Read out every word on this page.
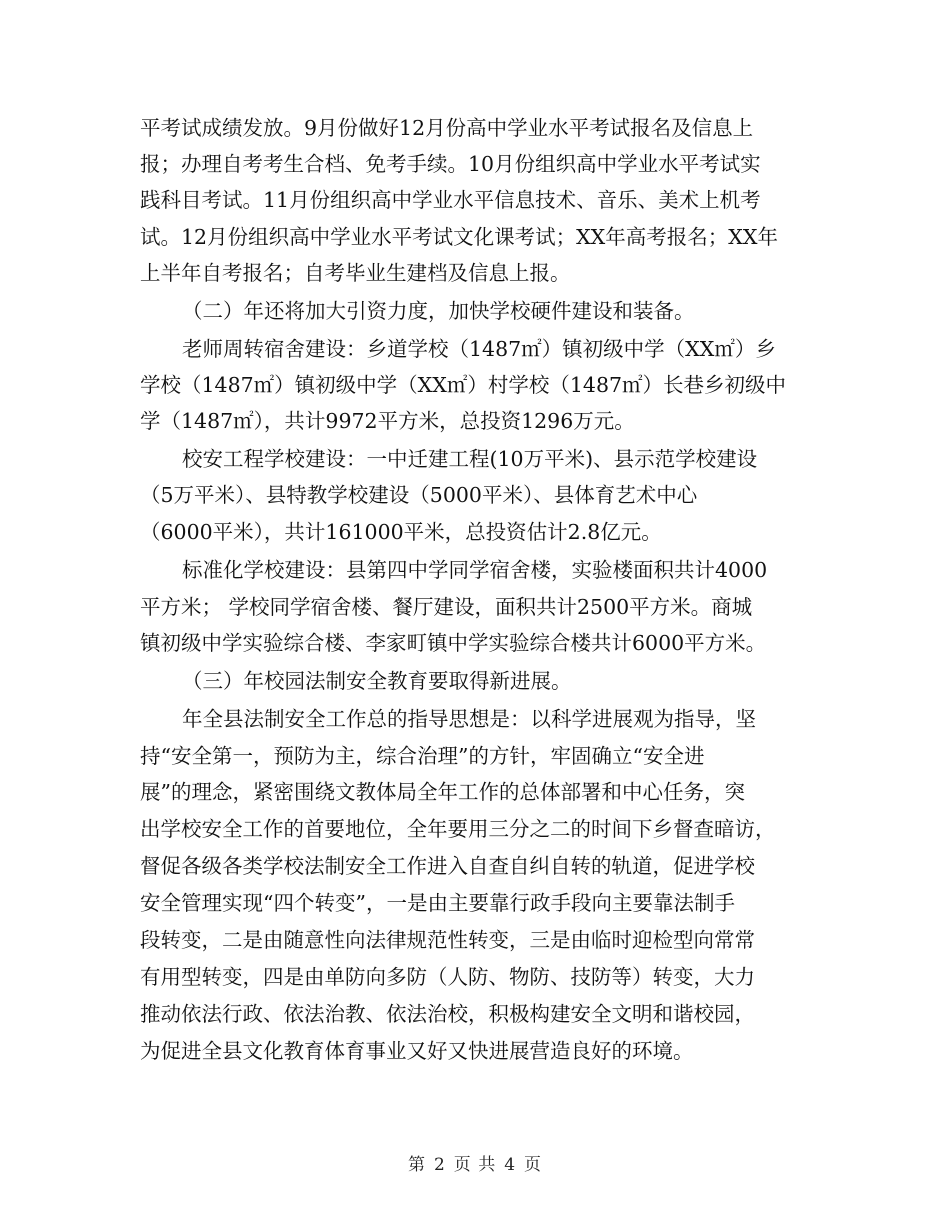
平考试成绩发放。9月份做好12月份高中学业水平考试报名及信息上
报；办理自考考生合档、免考手续。10月份组织高中学业水平考试实
践科目考试。11月份组织高中学业水平信息技术、音乐、美术上机考
试。12月份组织高中学业水平考试文化课考试；XX年高考报名；XX年
上半年自考报名；自考毕业生建档及信息上报。
（二）年还将加大引资力度，加快学校硬件建设和装备。
老师周转宿舍建设：乡道学校（1487㎡）镇初级中学（XX㎡）乡
学校（1487㎡）镇初级中学（XX㎡）村学校（1487㎡）长巷乡初级中
学（1487㎡），共计9972平方米，总投资1296万元。
校安工程学校建设：一中迁建工程(10万平米)、县示范学校建设
（5万平米）、县特教学校建设（5000平米）、县体育艺术中心
（6000平米），共计161000平米，总投资估计2.8亿元。
标准化学校建设：县第四中学同学宿舍楼，实验楼面积共计4000
平方米； 学校同学宿舍楼、餐厅建设，面积共计2500平方米。商城
镇初级中学实验综合楼、李家町镇中学实验综合楼共计6000平方米。
（三）年校园法制安全教育要取得新进展。
年全县法制安全工作总的指导思想是：以科学进展观为指导，坚
持“安全第一，预防为主，综合治理”的方针，牢固确立“安全进
展”的理念，紧密围绕文教体局全年工作的总体部署和中心任务，突
出学校安全工作的首要地位，全年要用三分之二的时间下乡督查暗访，
督促各级各类学校法制安全工作进入自查自纠自转的轨道，促进学校
安全管理实现“四个转变”，一是由主要靠行政手段向主要靠法制手
段转变，二是由随意性向法律规范性转变，三是由临时迎检型向常常
有用型转变，四是由单防向多防（人防、物防、技防等）转变，大力
推动依法行政、依法治教、依法治校，积极构建安全文明和谐校园，
为促进全县文化教育体育事业又好又快进展营造良好的环境。
第 2 页 共 4 页
